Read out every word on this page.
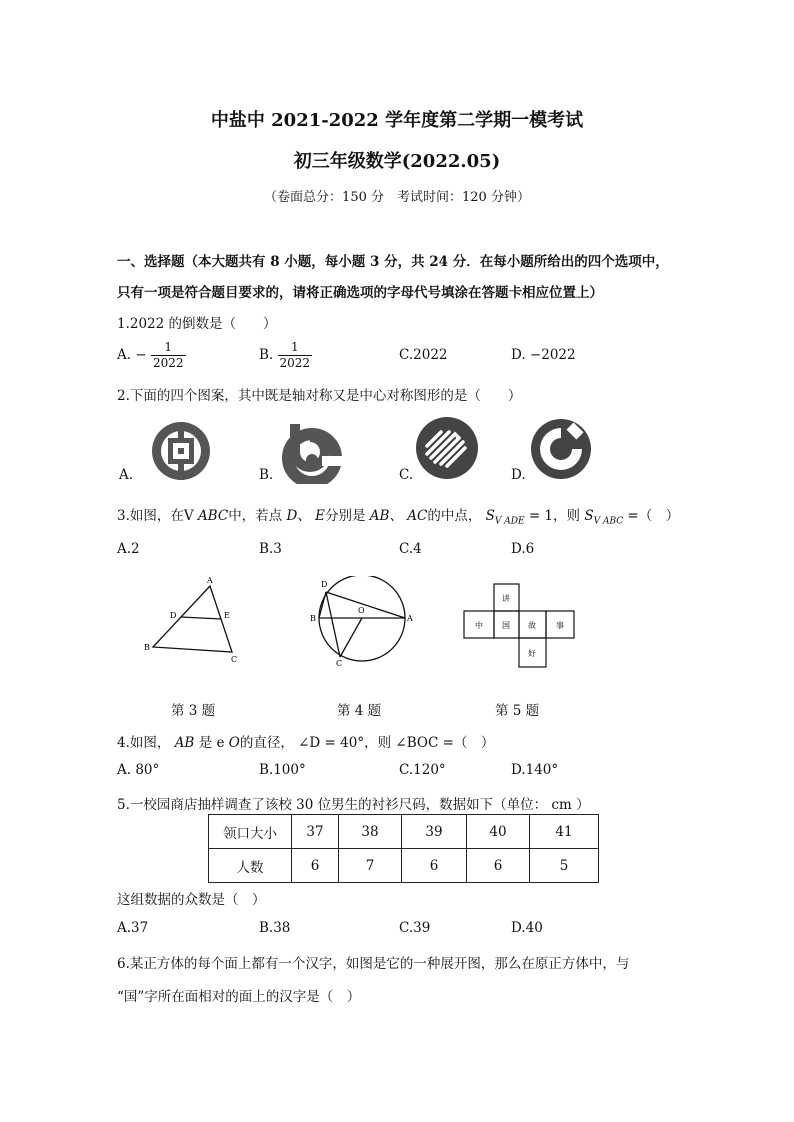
中盐中 2021-2022 学年度第二学期一模考试
初三年级数学(2022.05)
（卷面总分：150 分　考试时间：120 分钟）
一、选择题（本大题共有 8 小题，每小题 3 分，共 24 分．在每小题所给出的四个选项中，
只有一项是符合题目要求的，请将正确选项的字母代号填涂在答题卡相应位置上）
1.2022 的倒数是（　　）
A. − $\frac{1}{2022}$	B. $\frac{1}{2022}$	C.2022	D. −2022
2.下面的四个图案，其中既是轴对称又是中心对称图形的是（　　）
A.	B.	C.	D.
3.如图，在V ABC中，若点 D、 E分别是 AB、 AC的中点， $S_{V ADE} = 1$，则 $S_{V ABC}$ =（　）
A.2	B.3	C.4	D.6
A
D	E
B
C
D
B
O
A
C
讲
中 国 故	事
好
第 3 题	第 4 题	第 5 题
4.如图， AB 是 e O的直径， ∠D = 40°，则 ∠BOC =（　）
A. 80°	B.100°	C.120°	D.140°
5.一校园商店抽样调查了该校 30 位男生的衬衫尺码，数据如下（单位： cm ）
领口大小	37	38	39	40	41
人数	6	7	6	6	5
这组数据的众数是（　）
A.37	B.38	C.39	D.40
6.某正方体的每个面上都有一个汉字，如图是它的一种展开图，那么在原正方体中，与
“国”字所在面相对的面上的汉字是（　）
